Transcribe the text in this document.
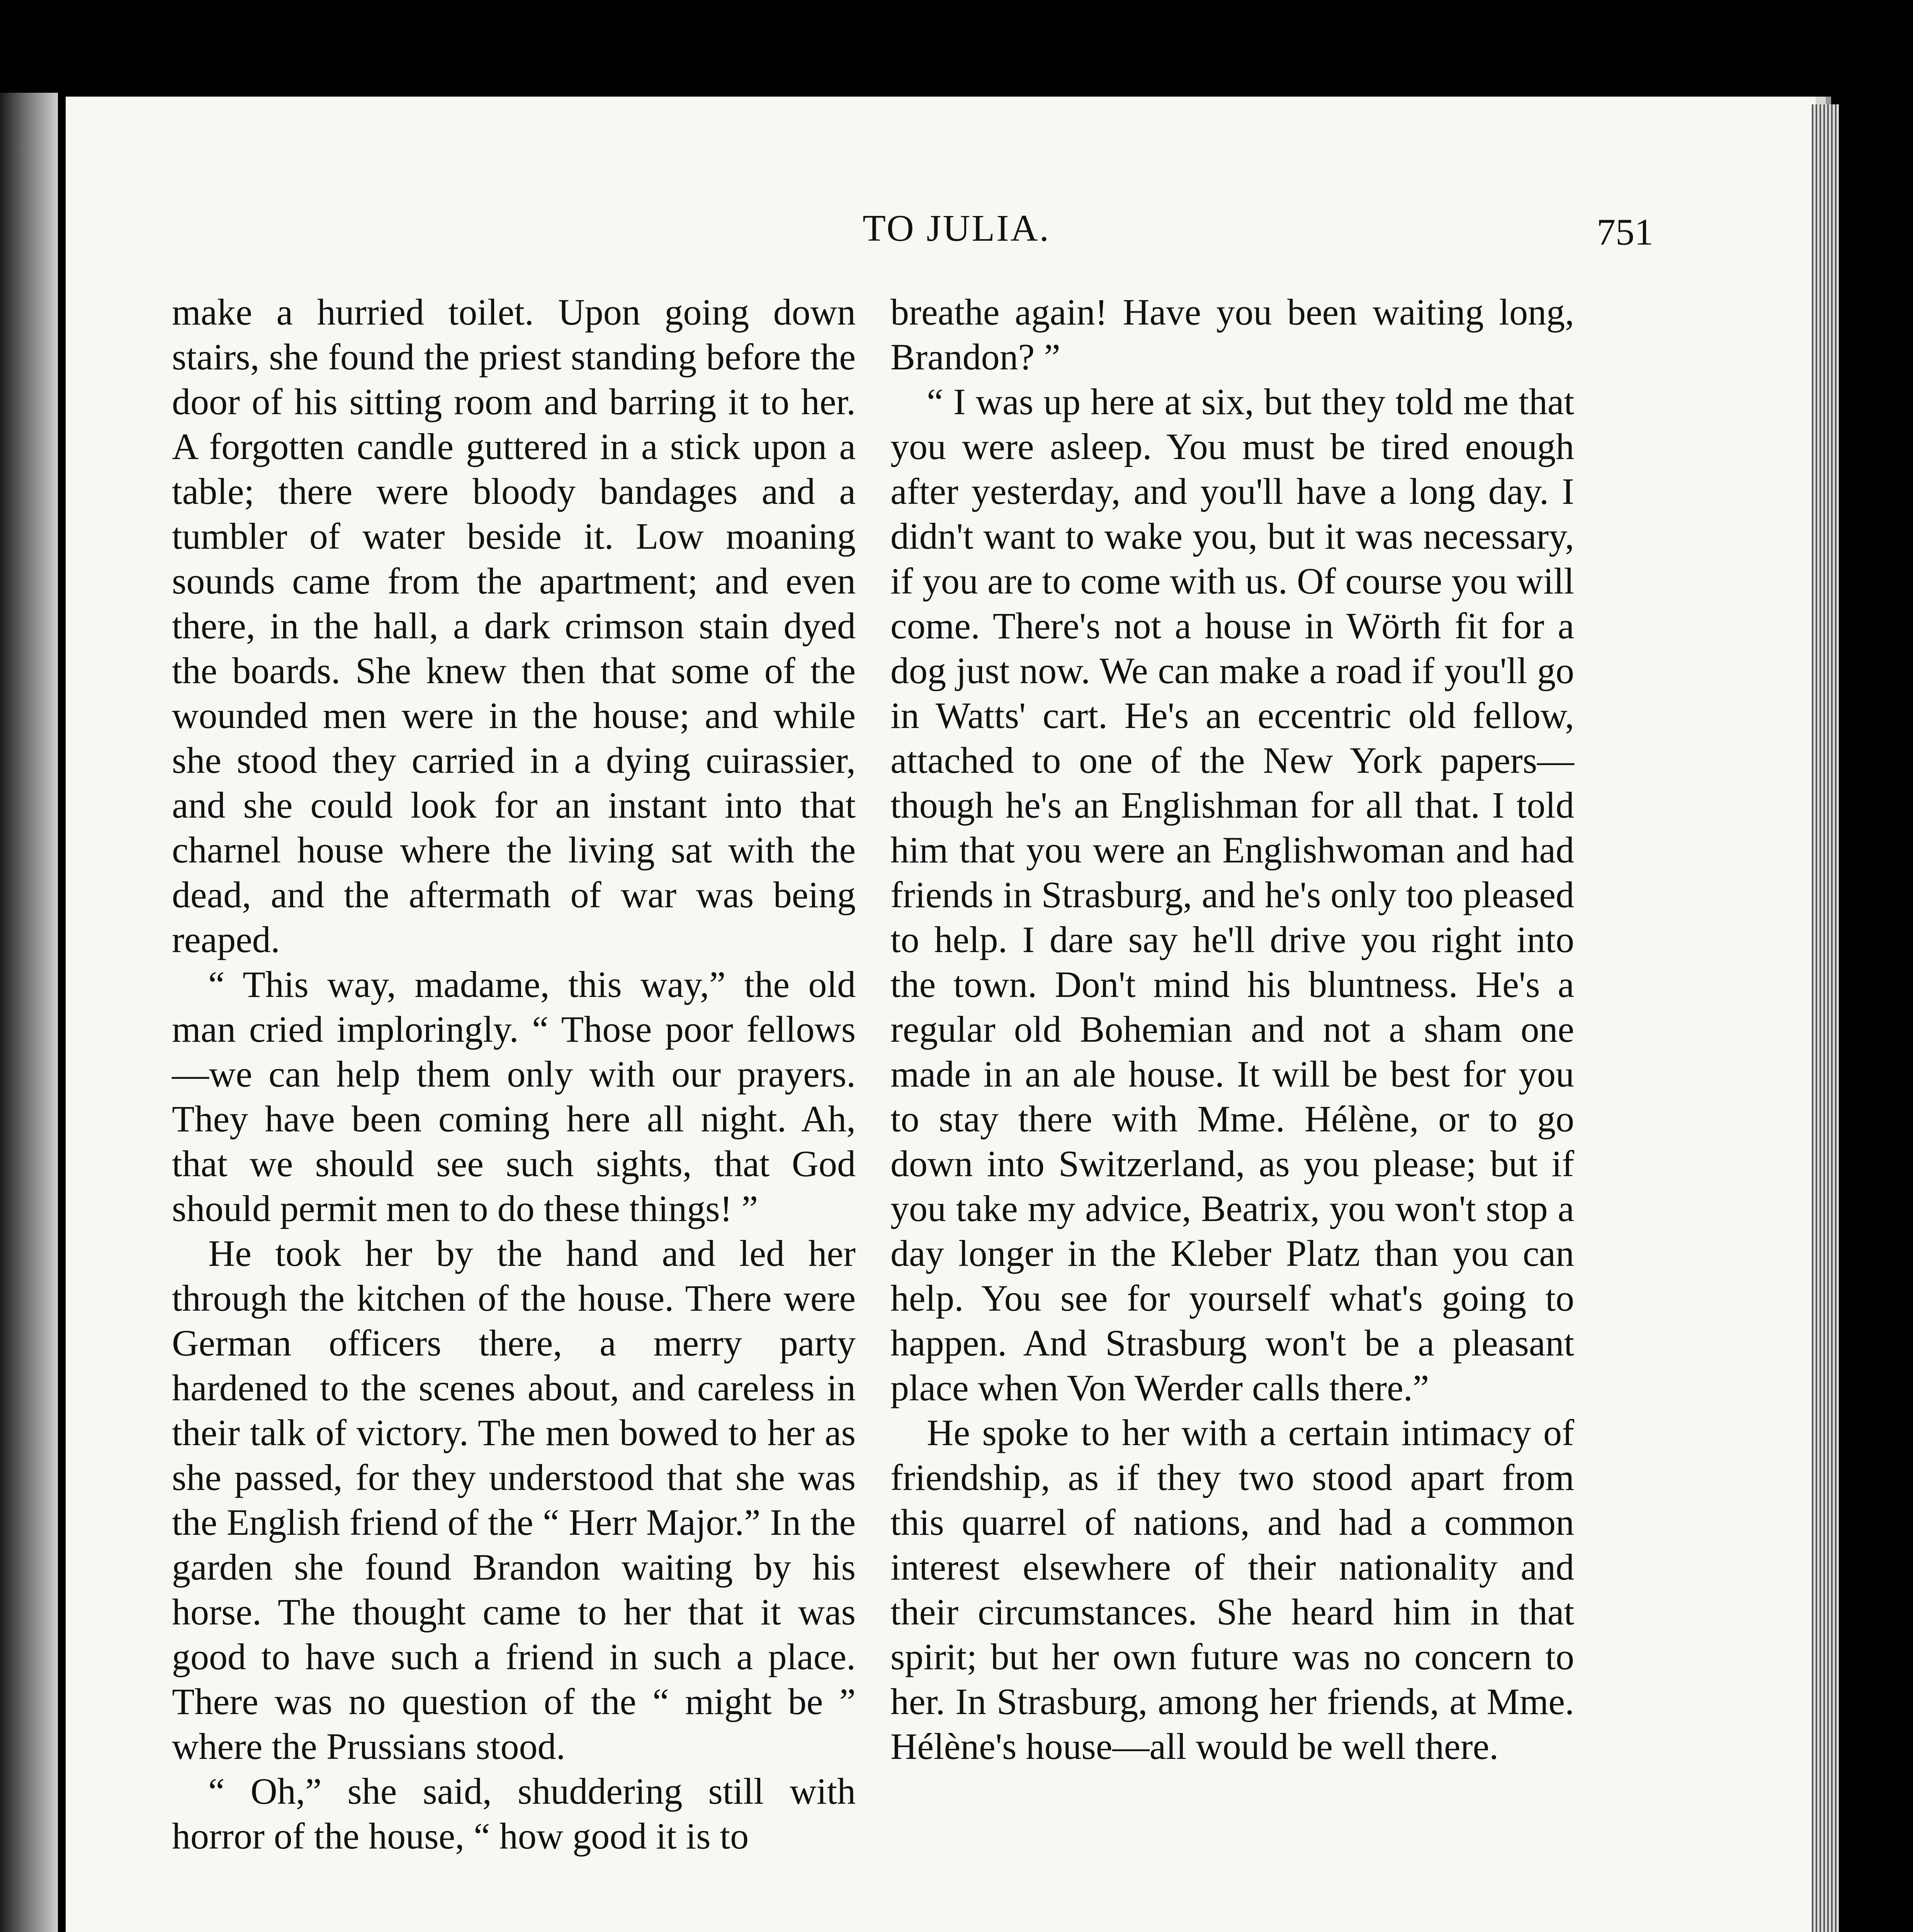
TO JULIA.	751

make a hurried toilet. Upon going down stairs, she found the priest standing before the door of his sitting room and barring it to her. A forgotten candle guttered in a stick upon a table; there were bloody bandages and a tumbler of water beside it. Low moaning sounds came from the apartment; and even there, in the hall, a dark crimson stain dyed the boards. She knew then that some of the wounded men were in the house; and while she stood they carried in a dying cuirassier, and she could look for an instant into that charnel house where the living sat with the dead, and the aftermath of war was being reaped.

“ This way, madame, this way,” the old man cried imploringly. “ Those poor fellows—we can help them only with our prayers. They have been coming here all night. Ah, that we should see such sights, that God should permit men to do these things! ”

He took her by the hand and led her through the kitchen of the house. There were German officers there, a merry party hardened to the scenes about, and careless in their talk of victory. The men bowed to her as she passed, for they understood that she was the English friend of the “ Herr Major.” In the garden she found Brandon waiting by his horse. The thought came to her that it was good to have such a friend in such a place. There was no question of the “ might be ” where the Prussians stood.

“ Oh,” she said, shuddering still with horror of the house, “ how good it is to

breathe again! Have you been waiting long, Brandon? ”

“ I was up here at six, but they told me that you were asleep. You must be tired enough after yesterday, and you'll have a long day. I didn't want to wake you, but it was necessary, if you are to come with us. Of course you will come. There's not a house in Wörth fit for a dog just now. We can make a road if you'll go in Watts' cart. He's an eccentric old fellow, attached to one of the New York papers—though he's an Englishman for all that. I told him that you were an Englishwoman and had friends in Strasburg, and he's only too pleased to help. I dare say he'll drive you right into the town. Don't mind his bluntness. He's a regular old Bohemian and not a sham one made in an ale house. It will be best for you to stay there with Mme. Hélène, or to go down into Switzerland, as you please; but if you take my advice, Beatrix, you won't stop a day longer in the Kleber Platz than you can help. You see for yourself what's going to happen. And Strasburg won't be a pleasant place when Von Werder calls there.”

He spoke to her with a certain intimacy of friendship, as if they two stood apart from this quarrel of nations, and had a common interest elsewhere of their nationality and their circumstances. She heard him in that spirit; but her own future was no concern to her. In Strasburg, among her friends, at Mme. Hélène's house—all would be well there.
